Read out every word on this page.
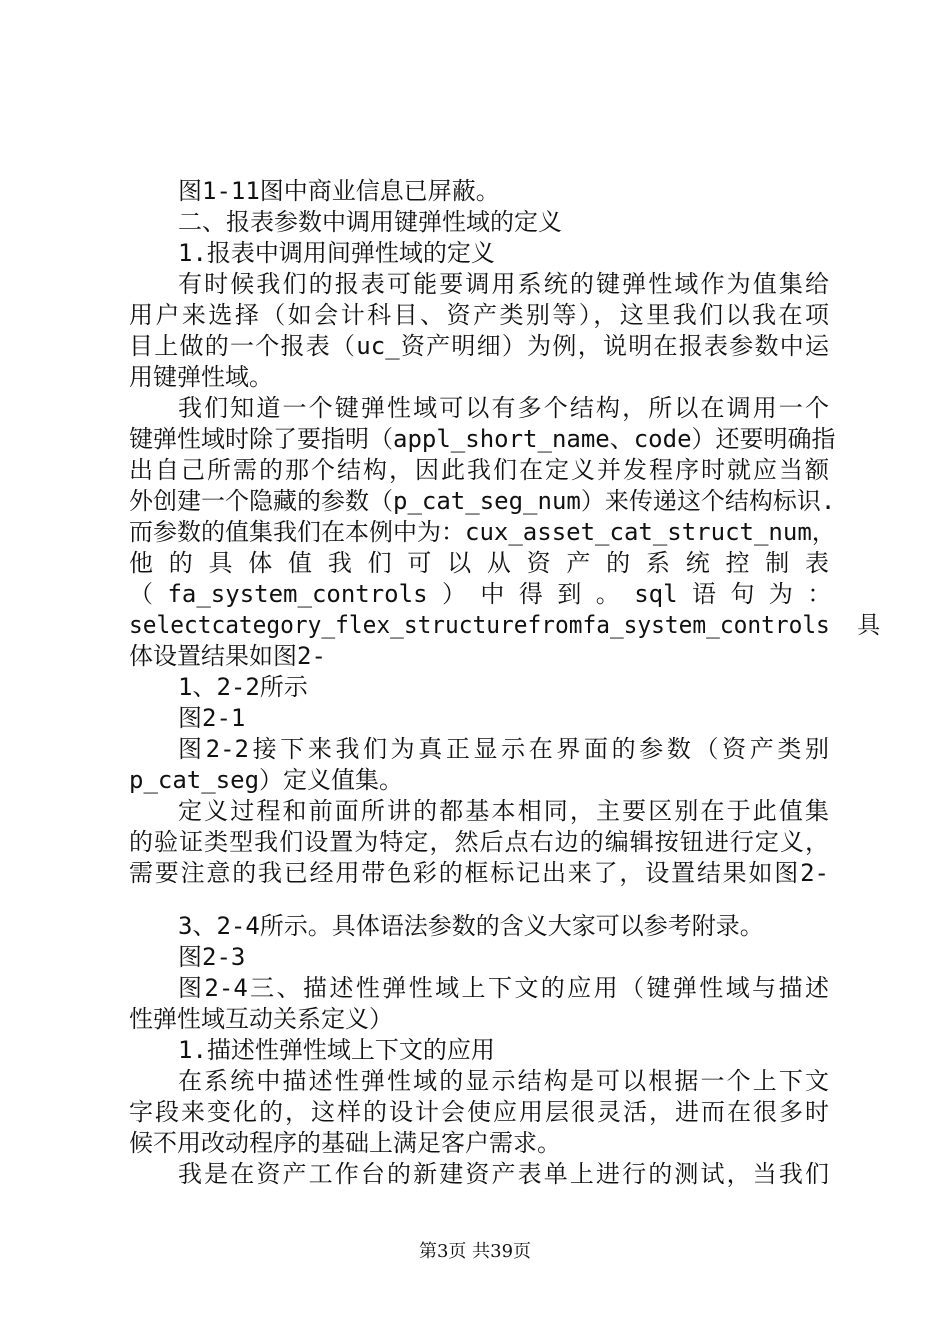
图1-11图中商业信息已屏蔽。
二、报表参数中调用键弹性域的定义
1.报表中调用间弹性域的定义
有时候我们的报表可能要调用系统的键弹性域作为值集给
用户来选择（如会计科目、资产类别等），这里我们以我在项
目上做的一个报表（uc_资产明细）为例，说明在报表参数中运
用键弹性域。
我们知道一个键弹性域可以有多个结构，所以在调用一个
键弹性域时除了要指明（appl_short_name、code）还要明确指
出自己所需的那个结构，因此我们在定义并发程序时就应当额
外创建一个隐藏的参数（p_cat_seg_num）来传递这个结构标识.
而参数的值集我们在本例中为：cux_asset_cat_struct_num，
他的具体值我们可以从资产的系统控制表
（ fa_system_controls ） 中 得 到 。 sql 语 句 为 ：
selectcategory_flex_structurefromfa_system_controls  具
体设置结果如图2-
1、2-2所示
图2-1
图2-2接下来我们为真正显示在界面的参数（资产类别
p_cat_seg）定义值集。
定义过程和前面所讲的都基本相同，主要区别在于此值集
的验证类型我们设置为特定，然后点右边的编辑按钮进行定义，
需要注意的我已经用带色彩的框标记出来了，设置结果如图2-
3、2-4所示。具体语法参数的含义大家可以参考附录。
图2-3
图2-4三、描述性弹性域上下文的应用（键弹性域与描述
性弹性域互动关系定义）
1.描述性弹性域上下文的应用
在系统中描述性弹性域的显示结构是可以根据一个上下文
字段来变化的，这样的设计会使应用层很灵活，进而在很多时
候不用改动程序的基础上满足客户需求。
我是在资产工作台的新建资产表单上进行的测试，当我们
第3页 共39页
